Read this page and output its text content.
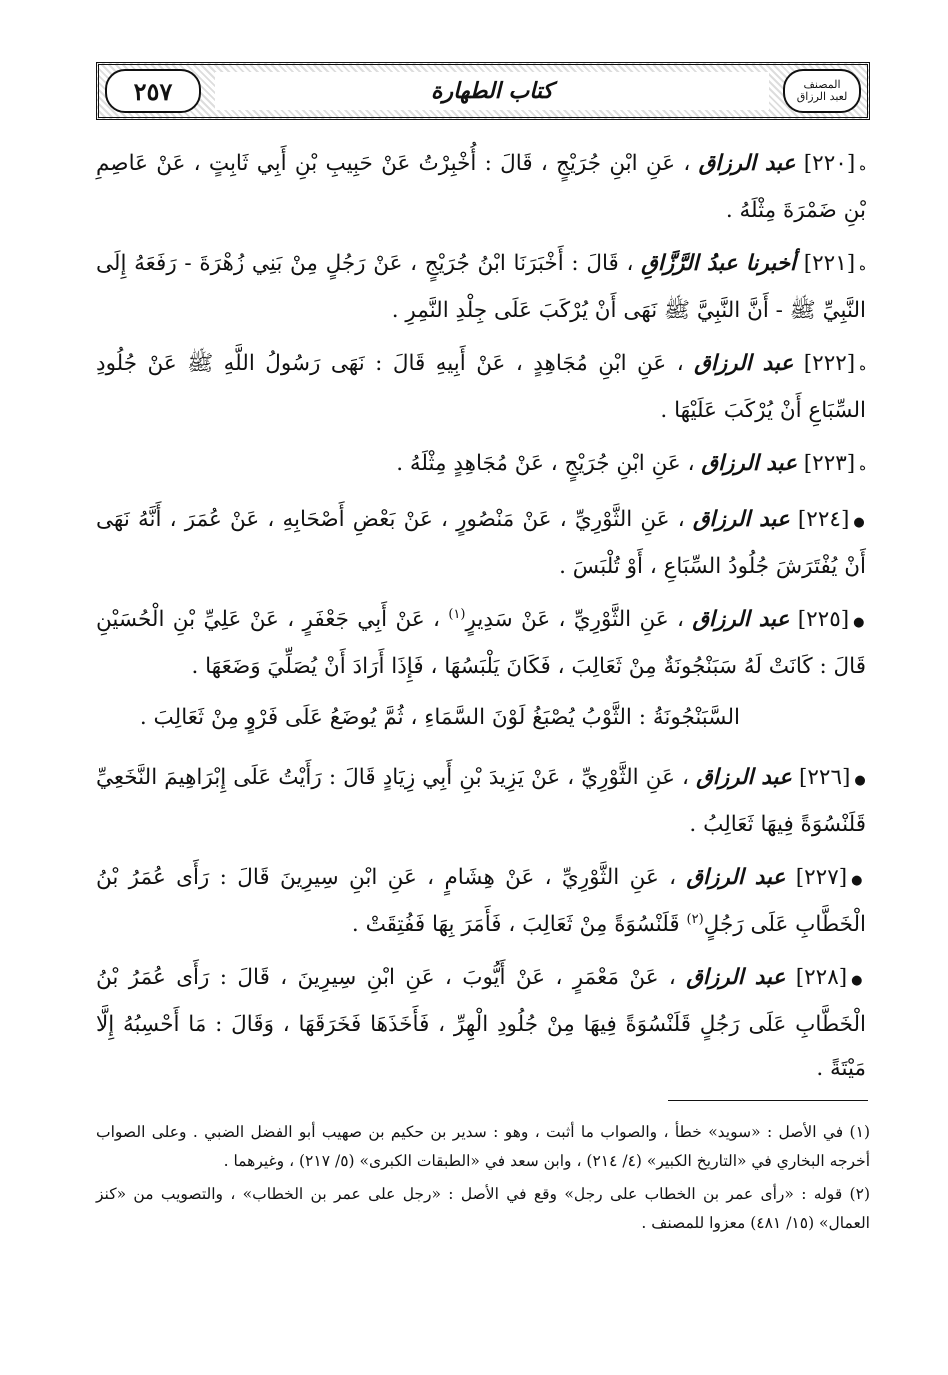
٢٥٧	كتاب الطهارة	المصنف
لعبد الرزاق
ه[٢٢٠] عبد الرزاق ، عَنِ ابْنِ جُرَيْجٍ ، قَالَ : أُخْبِرْتُ عَنْ حَبِيبِ بْنِ أَبِي ثَابِتٍ ، عَنْ عَاصِمِ بْنِ ضَمْرَةَ مِثْلَهُ .
ه[٢٢١] أخبرنا عبدُ الرَّزَّاقِ ، قَالَ : أَخْبَرَنَا ابْنُ جُرَيْجٍ ، عَنْ رَجُلٍ مِنْ بَنِي زُهْرَةَ - رَفَعَهُ إِلَى النَّبِيِّ ﷺ - أَنَّ النَّبِيَّ ﷺ نَهَى أَنْ يُرْكَبَ عَلَى جِلْدِ النَّمِرِ .
ه[٢٢٢] عبد الرزاق ، عَنِ ابْنِ مُجَاهِدٍ ، عَنْ أَبِيهِ قَالَ : نَهَى رَسُولُ اللَّهِ ﷺ عَنْ جُلُودِ السِّبَاعِ أَنْ يُرْكَبَ عَلَيْهَا .
ه[٢٢٣] عبد الرزاق ، عَنِ ابْنِ جُرَيْجٍ ، عَنْ مُجَاهِدٍ مِثْلَهُ .
●[٢٢٤] عبد الرزاق ، عَنِ الثَّوْرِيِّ ، عَنْ مَنْصُورٍ ، عَنْ بَعْضِ أَصْحَابِهِ ، عَنْ عُمَرَ ، أَنَّهُ نَهَى أَنْ يُفْتَرَشَ جُلُودُ السِّبَاعِ ، أَوْ تُلْبَسَ .
●[٢٢٥] عبد الرزاق ، عَنِ الثَّوْرِيِّ ، عَنْ سَدِيرٍ$^{(١)}$ ، عَنْ أَبِي جَعْفَرٍ ، عَنْ عَلِيِّ بْنِ الْحُسَيْنِ قَالَ : كَانَتْ لَهُ سَبَنْجُونَةٌ مِنْ ثَعَالِبَ ، فَكَانَ يَلْبَسُهَا ، فَإِذَا أَرَادَ أَنْ يُصَلِّيَ وَضَعَهَا .
السَّبَنْجُونَةُ : الثَّوْبُ يُصْبَغُ لَوْنَ السَّمَاءِ ، ثُمَّ يُوضَعُ عَلَى فَرْوٍ مِنْ ثَعَالِبَ .
●[٢٢٦] عبد الرزاق ، عَنِ الثَّوْرِيِّ ، عَنْ يَزِيدَ بْنِ أَبِي زِيَادٍ قَالَ : رَأَيْتُ عَلَى إِبْرَاهِيمَ النَّخَعِيِّ قَلَنْسُوَةً فِيهَا ثَعَالِبُ .
●[٢٢٧] عبد الرزاق ، عَنِ الثَّوْرِيِّ ، عَنْ هِشَامٍ ، عَنِ ابْنِ سِيرِينَ قَالَ : رَأَى عُمَرُ بْنُ الْخَطَّابِ عَلَى رَجُلٍ$^{(٢)}$ قَلَنْسُوَةً مِنْ ثَعَالِبَ ، فَأَمَرَ بِهَا فَفُتِقَتْ .
●[٢٢٨] عبد الرزاق ، عَنْ مَعْمَرٍ ، عَنْ أَيُّوبَ ، عَنِ ابْنِ سِيرِينَ ، قَالَ : رَأَى عُمَرُ بْنُ الْخَطَّابِ عَلَى رَجُلٍ قَلَنْسُوَةً فِيهَا مِنْ جُلُودِ الْهِرِّ ، فَأَخَذَهَا فَخَرَقَهَا ، وَقَالَ : مَا أَحْسِبُهُ إِلَّا مَيْتَةً .
(١) في الأصل : «سويد» خطأ ، والصواب ما أثبت ، وهو : سدير بن حكيم بن صهيب أبو الفضل الضبي . وعلى الصواب أخرجه البخاري في «التاريخ الكبير» (٤/ ٢١٤) ، وابن سعد في «الطبقات الكبرى» (٥/ ٢١٧) ، وغيرهما .
(٢) قوله : «رأى عمر بن الخطاب على رجل» وقع في الأصل : «رجل على عمر بن الخطاب» ، والتصويب من «كنز العمال» (١٥/ ٤٨١) معزوا للمصنف .
